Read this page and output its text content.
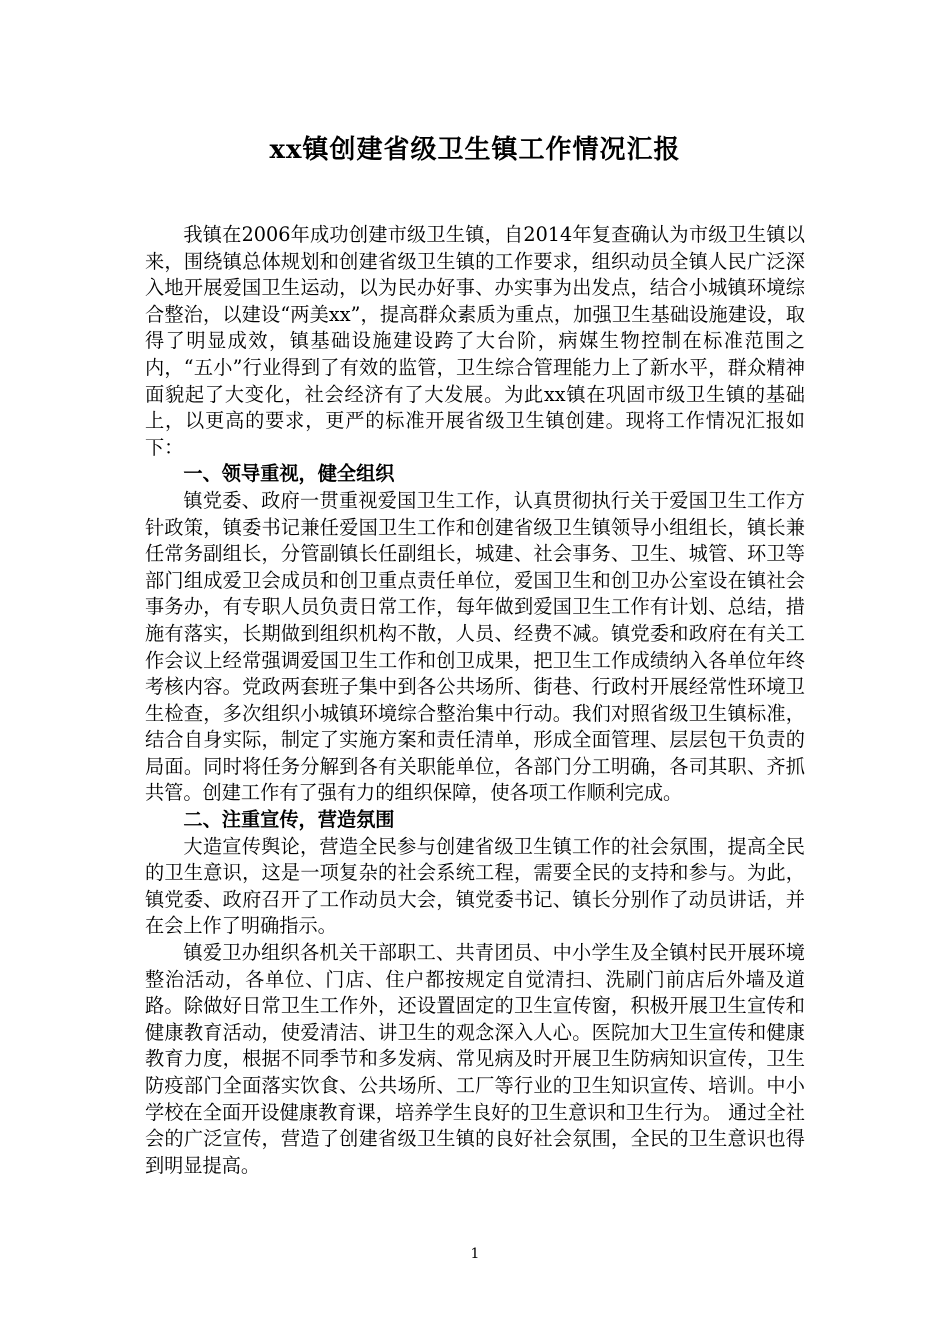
xx镇创建省级卫生镇工作情况汇报

我镇在2006年成功创建市级卫生镇，自2014年复查确认为市级卫生镇以来，围绕镇总体规划和创建省级卫生镇的工作要求，组织动员全镇人民广泛深入地开展爱国卫生运动，以为民办好事、办实事为出发点，结合小城镇环境综合整治，以建设“两美xx”，提高群众素质为重点，加强卫生基础设施建设，取得了明显成效，镇基础设施建设跨了大台阶，病媒生物控制在标准范围之内，“五小”行业得到了有效的监管，卫生综合管理能力上了新水平，群众精神面貌起了大变化，社会经济有了大发展。为此xx镇在巩固市级卫生镇的基础上，以更高的要求，更严的标准开展省级卫生镇创建。现将工作情况汇报如下：

一、领导重视，健全组织

镇党委、政府一贯重视爱国卫生工作，认真贯彻执行关于爱国卫生工作方针政策，镇委书记兼任爱国卫生工作和创建省级卫生镇领导小组组长，镇长兼任常务副组长，分管副镇长任副组长，城建、社会事务、卫生、城管、环卫等部门组成爱卫会成员和创卫重点责任单位，爱国卫生和创卫办公室设在镇社会事务办，有专职人员负责日常工作，每年做到爱国卫生工作有计划、总结，措施有落实，长期做到组织机构不散，人员、经费不减。镇党委和政府在有关工作会议上经常强调爱国卫生工作和创卫成果，把卫生工作成绩纳入各单位年终考核内容。党政两套班子集中到各公共场所、街巷、行政村开展经常性环境卫生检查，多次组织小城镇环境综合整治集中行动。我们对照省级卫生镇标准，结合自身实际，制定了实施方案和责任清单，形成全面管理、层层包干负责的局面。同时将任务分解到各有关职能单位，各部门分工明确，各司其职、齐抓共管。创建工作有了强有力的组织保障，使各项工作顺利完成。

二、注重宣传，营造氛围

大造宣传舆论，营造全民参与创建省级卫生镇工作的社会氛围，提高全民的卫生意识，这是一项复杂的社会系统工程，需要全民的支持和参与。为此，镇党委、政府召开了工作动员大会，镇党委书记、镇长分别作了动员讲话，并在会上作了明确指示。

镇爱卫办组织各机关干部职工、共青团员、中小学生及全镇村民开展环境整治活动，各单位、门店、住户都按规定自觉清扫、洗刷门前店后外墙及道路。除做好日常卫生工作外，还设置固定的卫生宣传窗，积极开展卫生宣传和健康教育活动，使爱清洁、讲卫生的观念深入人心。医院加大卫生宣传和健康教育力度，根据不同季节和多发病、常见病及时开展卫生防病知识宣传，卫生防疫部门全面落实饮食、公共场所、工厂等行业的卫生知识宣传、培训。中小学校在全面开设健康教育课，培养学生良好的卫生意识和卫生行为。 通过全社会的广泛宣传，营造了创建省级卫生镇的良好社会氛围，全民的卫生意识也得到明显提高。

1
